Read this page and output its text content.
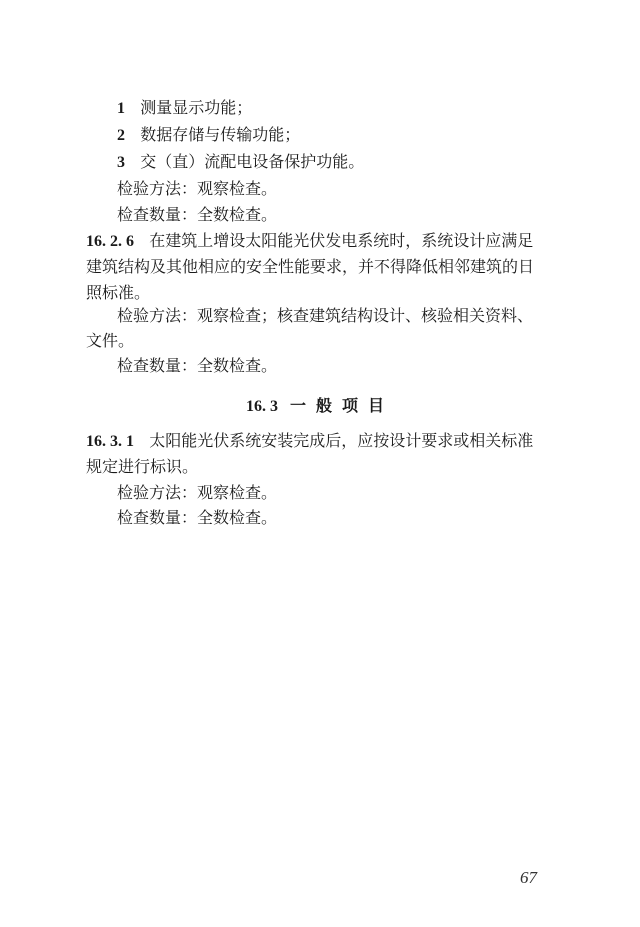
1 测量显示功能；
2 数据存储与传输功能；
3 交（直）流配电设备保护功能。
检验方法：观察检查。
检查数量：全数检查。
16. 2. 6 在建筑上增设太阳能光伏发电系统时，系统设计应满足
建筑结构及其他相应的安全性能要求，并不得降低相邻建筑的日
照标准。
检验方法：观察检查；核查建筑结构设计、核验相关资料、
文件。
检查数量：全数检查。
16. 3 一般项目
16. 3. 1 太阳能光伏系统安装完成后，应按设计要求或相关标准
规定进行标识。
检验方法：观察检查。
检查数量：全数检查。
67
